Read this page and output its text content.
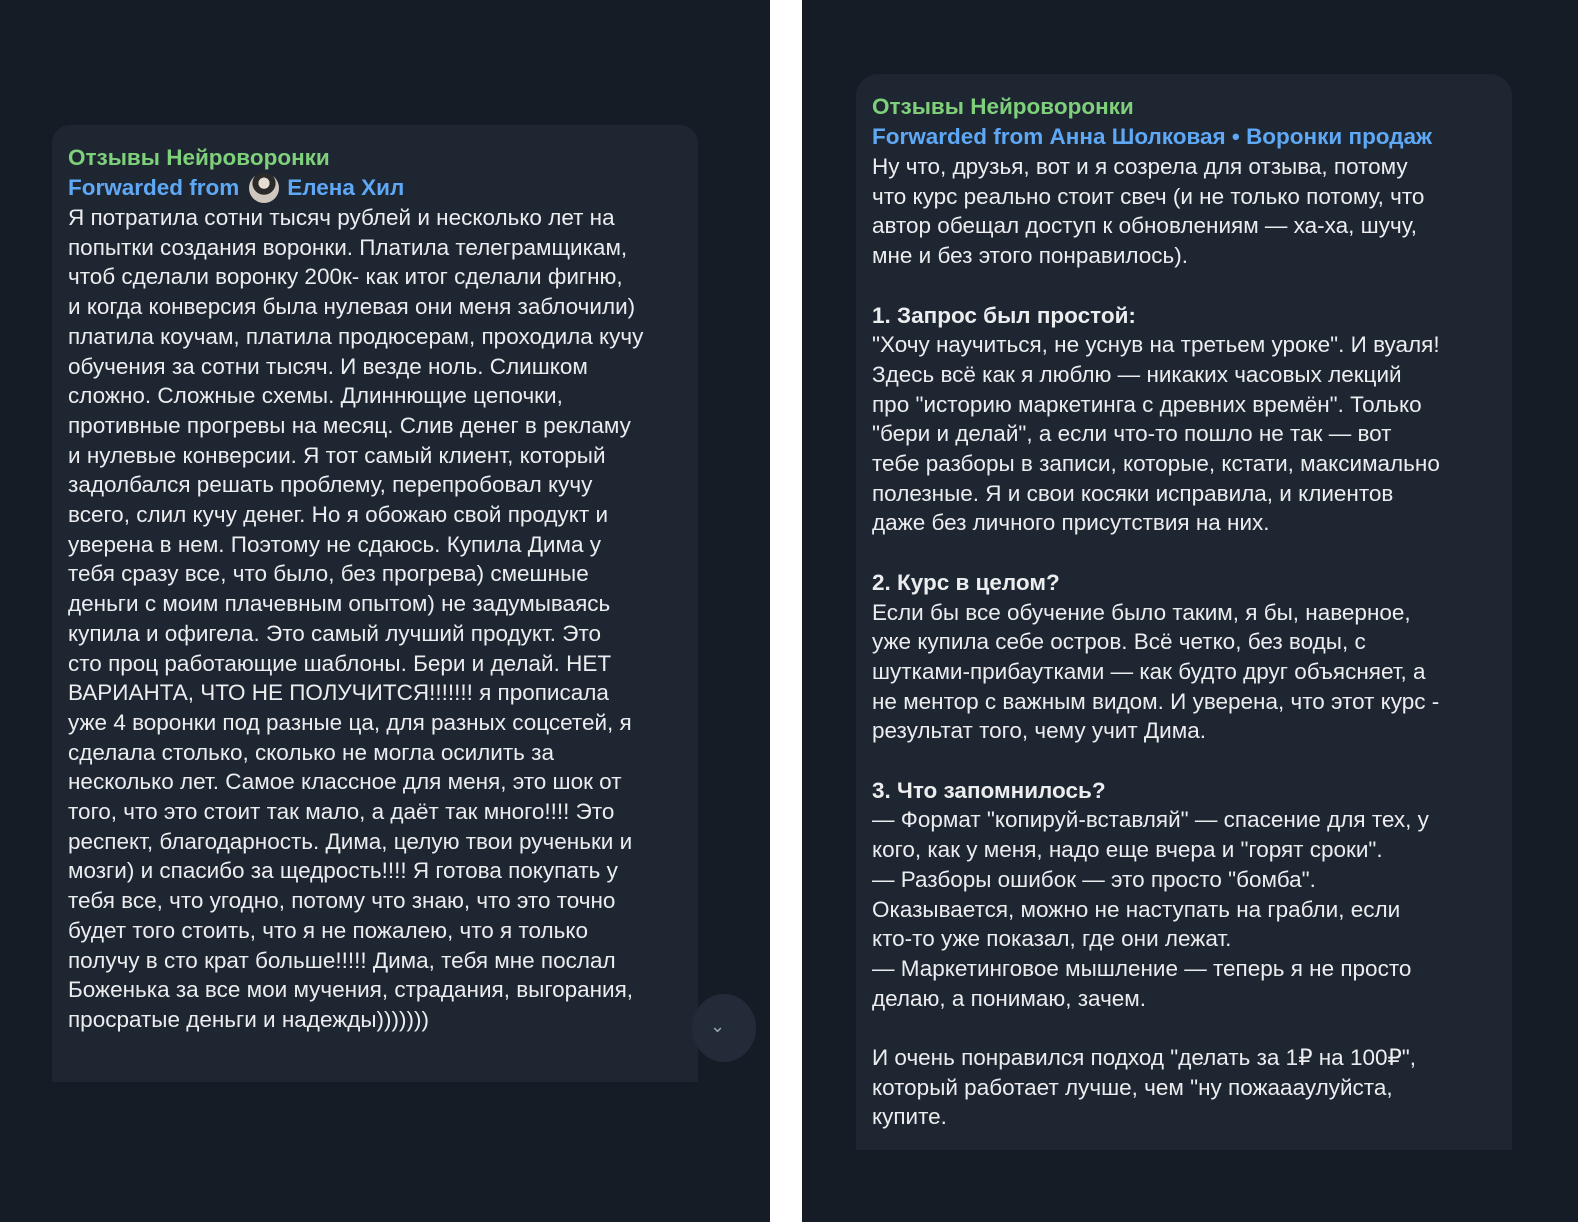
Отзывы Нейроворонки
Forwarded from Елена Хил

Я потратила сотни тысяч рублей и несколько лет на

попытки создания воронки. Платила телеграмщикам,

чтоб сделали воронку 200к- как итог сделали фигню,

и когда конверсия была нулевая они меня заблочили)

платила коучам, платила продюсерам, проходила кучу

обучения за сотни тысяч. И везде ноль. Слишком

сложно. Сложные схемы. Длиннющие цепочки,

противные прогревы на месяц. Слив денег в рекламу

и нулевые конверсии. Я тот самый клиент, который

задолбался решать проблему, перепробовал кучу

всего, слил кучу денег. Но я обожаю свой продукт и

уверена в нем. Поэтому не сдаюсь. Купила Дима у

тебя сразу все, что было, без прогрева) смешные

деньги с моим плачевным опытом) не задумываясь

купила и офигела. Это самый лучший продукт. Это

сто проц работающие шаблоны. Бери и делай. НЕТ

ВАРИАНТА, ЧТО НЕ ПОЛУЧИТСЯ!!!!!!! я прописала

уже 4 воронки под разные ца, для разных соцсетей, я

сделала столько, сколько не могла осилить за

несколько лет. Самое классное для меня, это шок от

того, что это стоит так мало, а даёт так много!!!! Это

респект, благодарность. Дима, целую твои рученьки и

мозги) и спасибо за щедрость!!!! Я готова покупать у

тебя все, что угодно, потому что знаю, что это точно

будет того стоить, что я не пожалею, что я только

получу в сто крат больше!!!!! Дима, тебя мне послал

Боженька за все мои мучения, страдания, выгорания,

просратые деньги и надежды)))))))	⌄
Отзывы Нейроворонки
Forwarded from Анна Шолковая • Воронки продаж

Ну что, друзья, вот и я созрела для отзыва, потому

что курс реально стоит свеч (и не только потому, что

автор обещал доступ к обновлениям — ха-ха, шучу,

мне и без этого понравилось).

1. Запрос был простой:

"Хочу научиться, не уснув на третьем уроке". И вуаля!

Здесь всё как я люблю — никаких часовых лекций

про "историю маркетинга с древних времён". Только

"бери и делай", а если что-то пошло не так — вот

тебе разборы в записи, которые, кстати, максимально

полезные. Я и свои косяки исправила, и клиентов

даже без личного присутствия на них.

2. Курс в целом?

Если бы все обучение было таким, я бы, наверное,

уже купила себе остров. Всё четко, без воды, с

шутками-прибаутками — как будто друг объясняет, а

не ментор с важным видом. И уверена, что этот курс -

результат того, чему учит Дима.

3. Что запомнилось?

— Формат "копируй-вставляй" — спасение для тех, у

кого, как у меня, надо еще вчера и "горят сроки".

— Разборы ошибок — это просто "бомба".

Оказывается, можно не наступать на грабли, если

кто-то уже показал, где они лежат.

— Маркетинговое мышление — теперь я не просто

делаю, а понимаю, зачем.

И очень понравился подход "делать за 1₽ на 100₽",

который работает лучше, чем "ну пожаааулуйста,

купите.
